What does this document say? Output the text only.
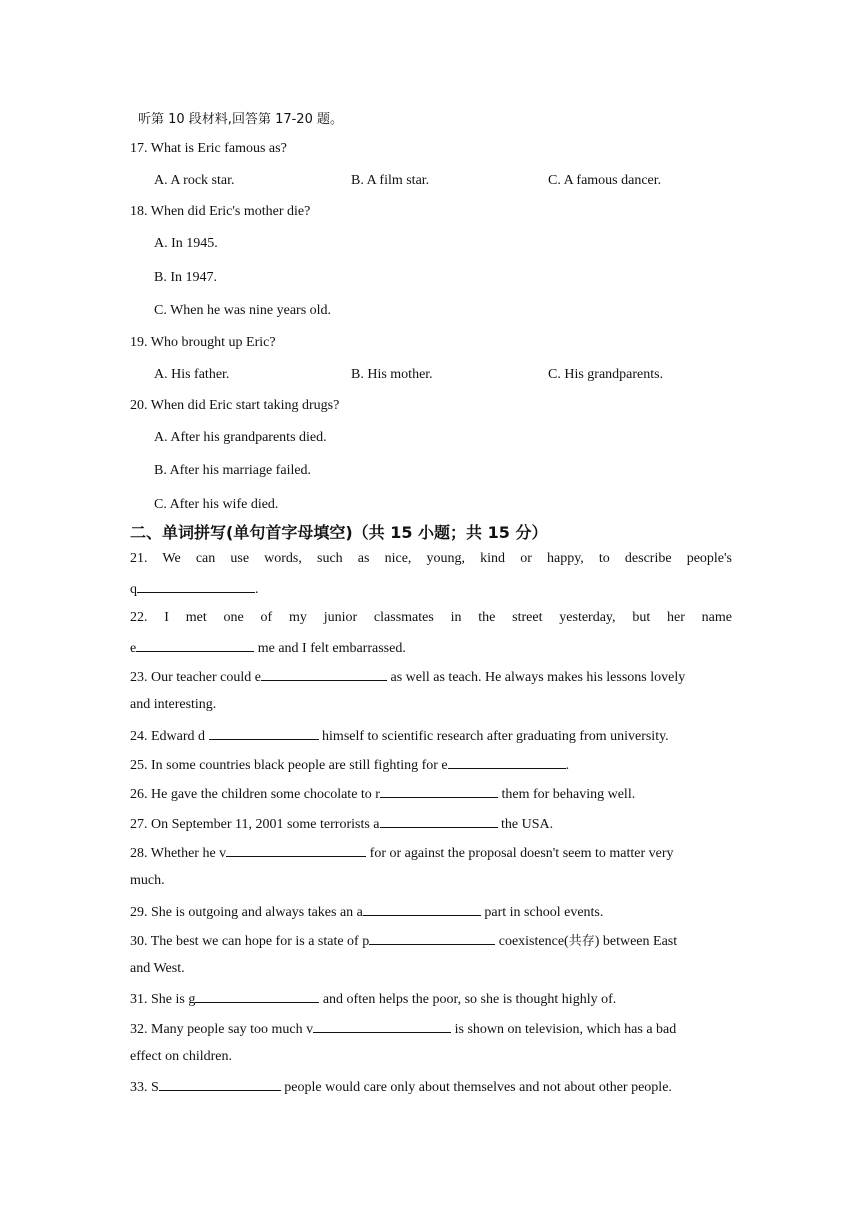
听第 10 段材料,回答第 17-20 题。
17. What is Eric famous as?
A. A rock star.	B. A film star.	C. A famous dancer.
18. When did Eric's mother die?
A. In 1945.
B. In 1947.
C. When he was nine years old.
19. Who brought up Eric?
A. His father.	B. His mother.	C. His grandparents.
20. When did Eric start taking drugs?
A. After his grandparents died.
B. After his marriage failed.
C. After his wife died.
二、单词拼写(单句首字母填空)（共 15 小题；共 15 分）
21. We can use words, such as nice, young, kind or happy, to describe people's
q	.
22. I met one of my junior classmates in the street yesterday, but her name
e	me and I felt embarrassed.
23. Our teacher could e	as well as teach. He always makes his lessons lovely
and interesting.
24. Edward d	himself to scientific research after graduating from university.
25. In some countries black people are still fighting for e	.
26. He gave the children some chocolate to r	them for behaving well.
27. On September 11, 2001 some terrorists a	the USA.
28. Whether he v	for or against the proposal doesn't seem to matter very
much.
29. She is outgoing and always takes an a	part in school events.
30. The best we can hope for is a state of p	coexistence(共存) between East
and West.
31. She is g	and often helps the poor, so she is thought highly of.
32. Many people say too much v	is shown on television, which has a bad
effect on children.
33. S	people would care only about themselves and not about other people.
